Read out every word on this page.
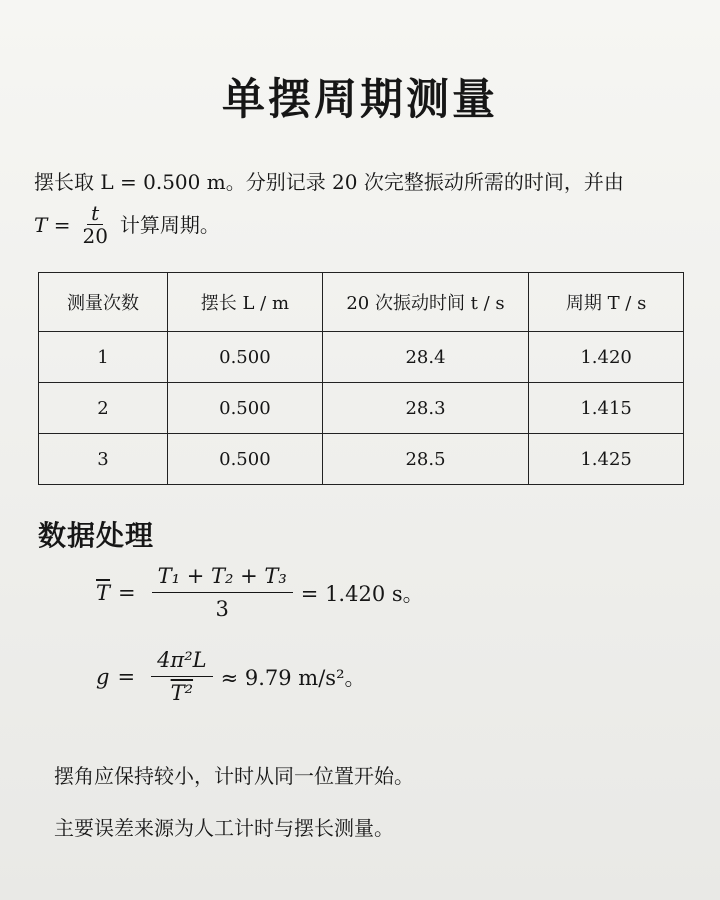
单摆周期测量
摆长取 L = 0.500 m。分别记录 20 次完整振动所需的时间，并由
$T = \frac{t}{20}$ 计算周期。
测量次数	摆长 L / m	20 次振动时间 t / s	周期 T / s
1	0.500	28.4	1.420
2	0.500	28.3	1.415
3	0.500	28.5	1.425
数据处理
$\overline{T} = \frac{\text{T₁ + T₂ + T₃}}{3} = 1.420$ s。
$g = \frac{\text{4π²L}}{\text{T²}} \approx 9.79$ m/s²。
摆角应保持较小，计时从同一位置开始。
主要误差来源为人工计时与摆长测量。
